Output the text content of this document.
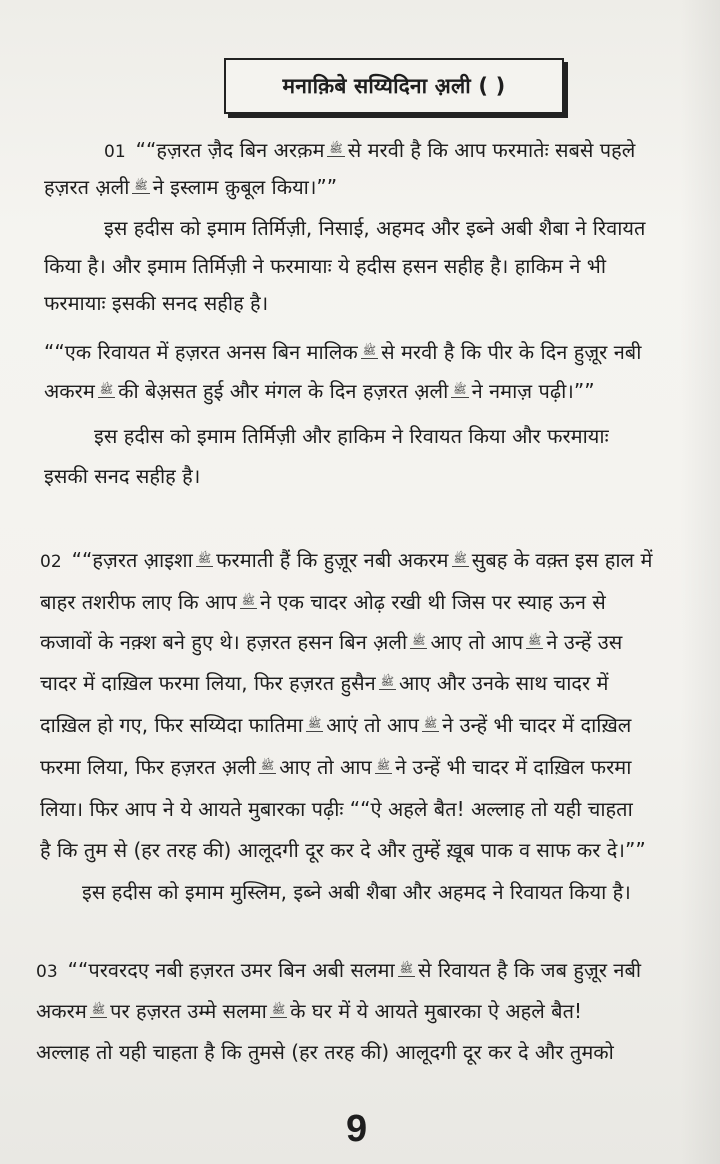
मनाक़िबे सय्यिदिना अ़ली ( )
01 ““हज़रत ज़ैद बिन अरक़म ﷺ से मरवी है कि आप फरमातेः सबसे पहले
हज़रत अ़ली ﷺ ने इस्लाम क़ुबूल किया।””
इस हदीस को इमाम तिर्मिज़ी, निसाई, अहमद और इब्ने अबी शैबा ने रिवायत
किया है। और इमाम तिर्मिज़ी ने फरमायाः ये हदीस हसन सहीह है। हाकिम ने भी
फरमायाः इसकी सनद सहीह है।
““एक रिवायत में हज़रत अनस बिन मालिक ﷺ से मरवी है कि पीर के दिन हुज़ूर नबी
अकरम ﷺ की बेअ़सत हुई और मंगल के दिन हज़रत अ़ली ﷺ ने नमाज़ पढ़ी।””
इस हदीस को इमाम तिर्मिज़ी और हाकिम ने रिवायत किया और फरमायाः
इसकी सनद सहीह है।
02 ““हज़रत आ़इशा ﷺ फरमाती हैं कि हुज़ूर नबी अकरम ﷺ सुबह के वक़्त इस हाल में
बाहर तशरीफ लाए कि आप ﷺ ने एक चादर ओढ़ रखी थी जिस पर स्याह ऊन से
कजावों के नक़्श बने हुए थे। हज़रत हसन बिन अ़ली ﷺ आए तो आप ﷺ ने उन्हें उस
चादर में दाख़िल फरमा लिया, फिर हज़रत हुसैन ﷺ आए और उनके साथ चादर में
दाख़िल हो गए, फिर सय्यिदा फातिमा ﷺ आएं तो आप ﷺ ने उन्हें भी चादर में दाख़िल
फरमा लिया, फिर हज़रत अ़ली ﷺ आए तो आप ﷺ ने उन्हें भी चादर में दाख़िल फरमा
लिया। फिर आप ने ये आयते मुबारका पढ़ीः ““ऐ अहले बैत! अल्लाह तो यही चाहता
है कि तुम से (हर तरह की) आलूदगी दूर कर दे और तुम्हें ख़ूब पाक व साफ कर दे।””
इस हदीस को इमाम मुस्लिम, इब्ने अबी शैबा और अहमद ने रिवायत किया है।
03 ““परवरदए नबी हज़रत उमर बिन अबी सलमा ﷺ से रिवायत है कि जब हुज़ूर नबी
अकरम ﷺ पर हज़रत उम्मे सलमा ﷺ के घर में ये आयते मुबारका ऐ अहले बैत!
अल्लाह तो यही चाहता है कि तुमसे (हर तरह की) आलूदगी दूर कर दे और तुमको
9
